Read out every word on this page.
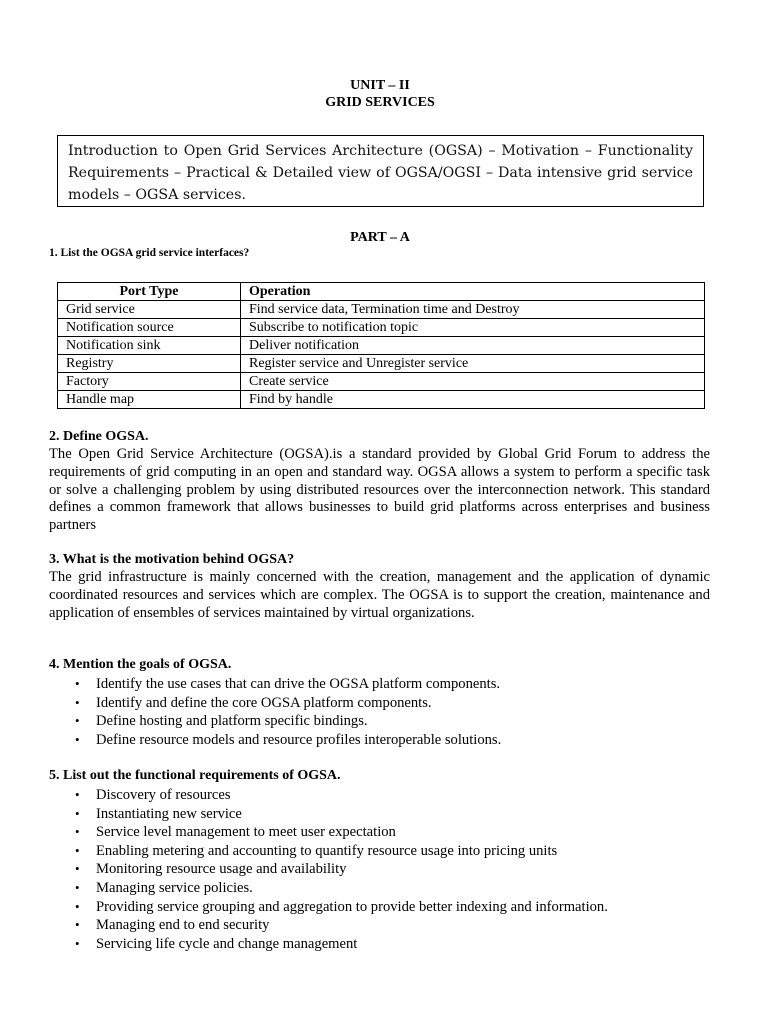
UNIT – II
GRID SERVICES
Introduction to Open Grid Services Architecture (OGSA) – Motivation – Functionality Requirements – Practical & Detailed view of OGSA/OGSI – Data intensive grid service models – OGSA services.
PART – A
1. List the OGSA grid service interfaces?
Port Type	Operation
Grid service	Find service data, Termination time and Destroy
Notification source	Subscribe to notification topic
Notification sink	Deliver notification
Registry	Register service and Unregister service
Factory	Create service
Handle map	Find by handle
2. Define OGSA.

The Open Grid Service Architecture (OGSA).is a standard provided by Global Grid Forum to address the requirements of grid computing in an open and standard way. OGSA allows a system to perform a specific task or solve a challenging problem by using distributed resources over the interconnection network. This standard defines a common framework that allows businesses to build grid platforms across enterprises and business partners

3. What is the motivation behind OGSA?

The grid infrastructure is mainly concerned with the creation, management and the application of dynamic coordinated resources and services which are complex. The OGSA is to support the creation, maintenance and application of ensembles of services maintained by virtual organizations.

4. Mention the goals of OGSA.
• Identify the use cases that can drive the OGSA platform components.
• Identify and define the core OGSA platform components.
• Define hosting and platform specific bindings.
• Define resource models and resource profiles interoperable solutions.
5. List out the functional requirements of OGSA.
• Discovery of resources
• Instantiating new service
• Service level management to meet user expectation
• Enabling metering and accounting to quantify resource usage into pricing units
• Monitoring resource usage and availability
• Managing service policies.
• Providing service grouping and aggregation to provide better indexing and information.
• Managing end to end security
• Servicing life cycle and change management
